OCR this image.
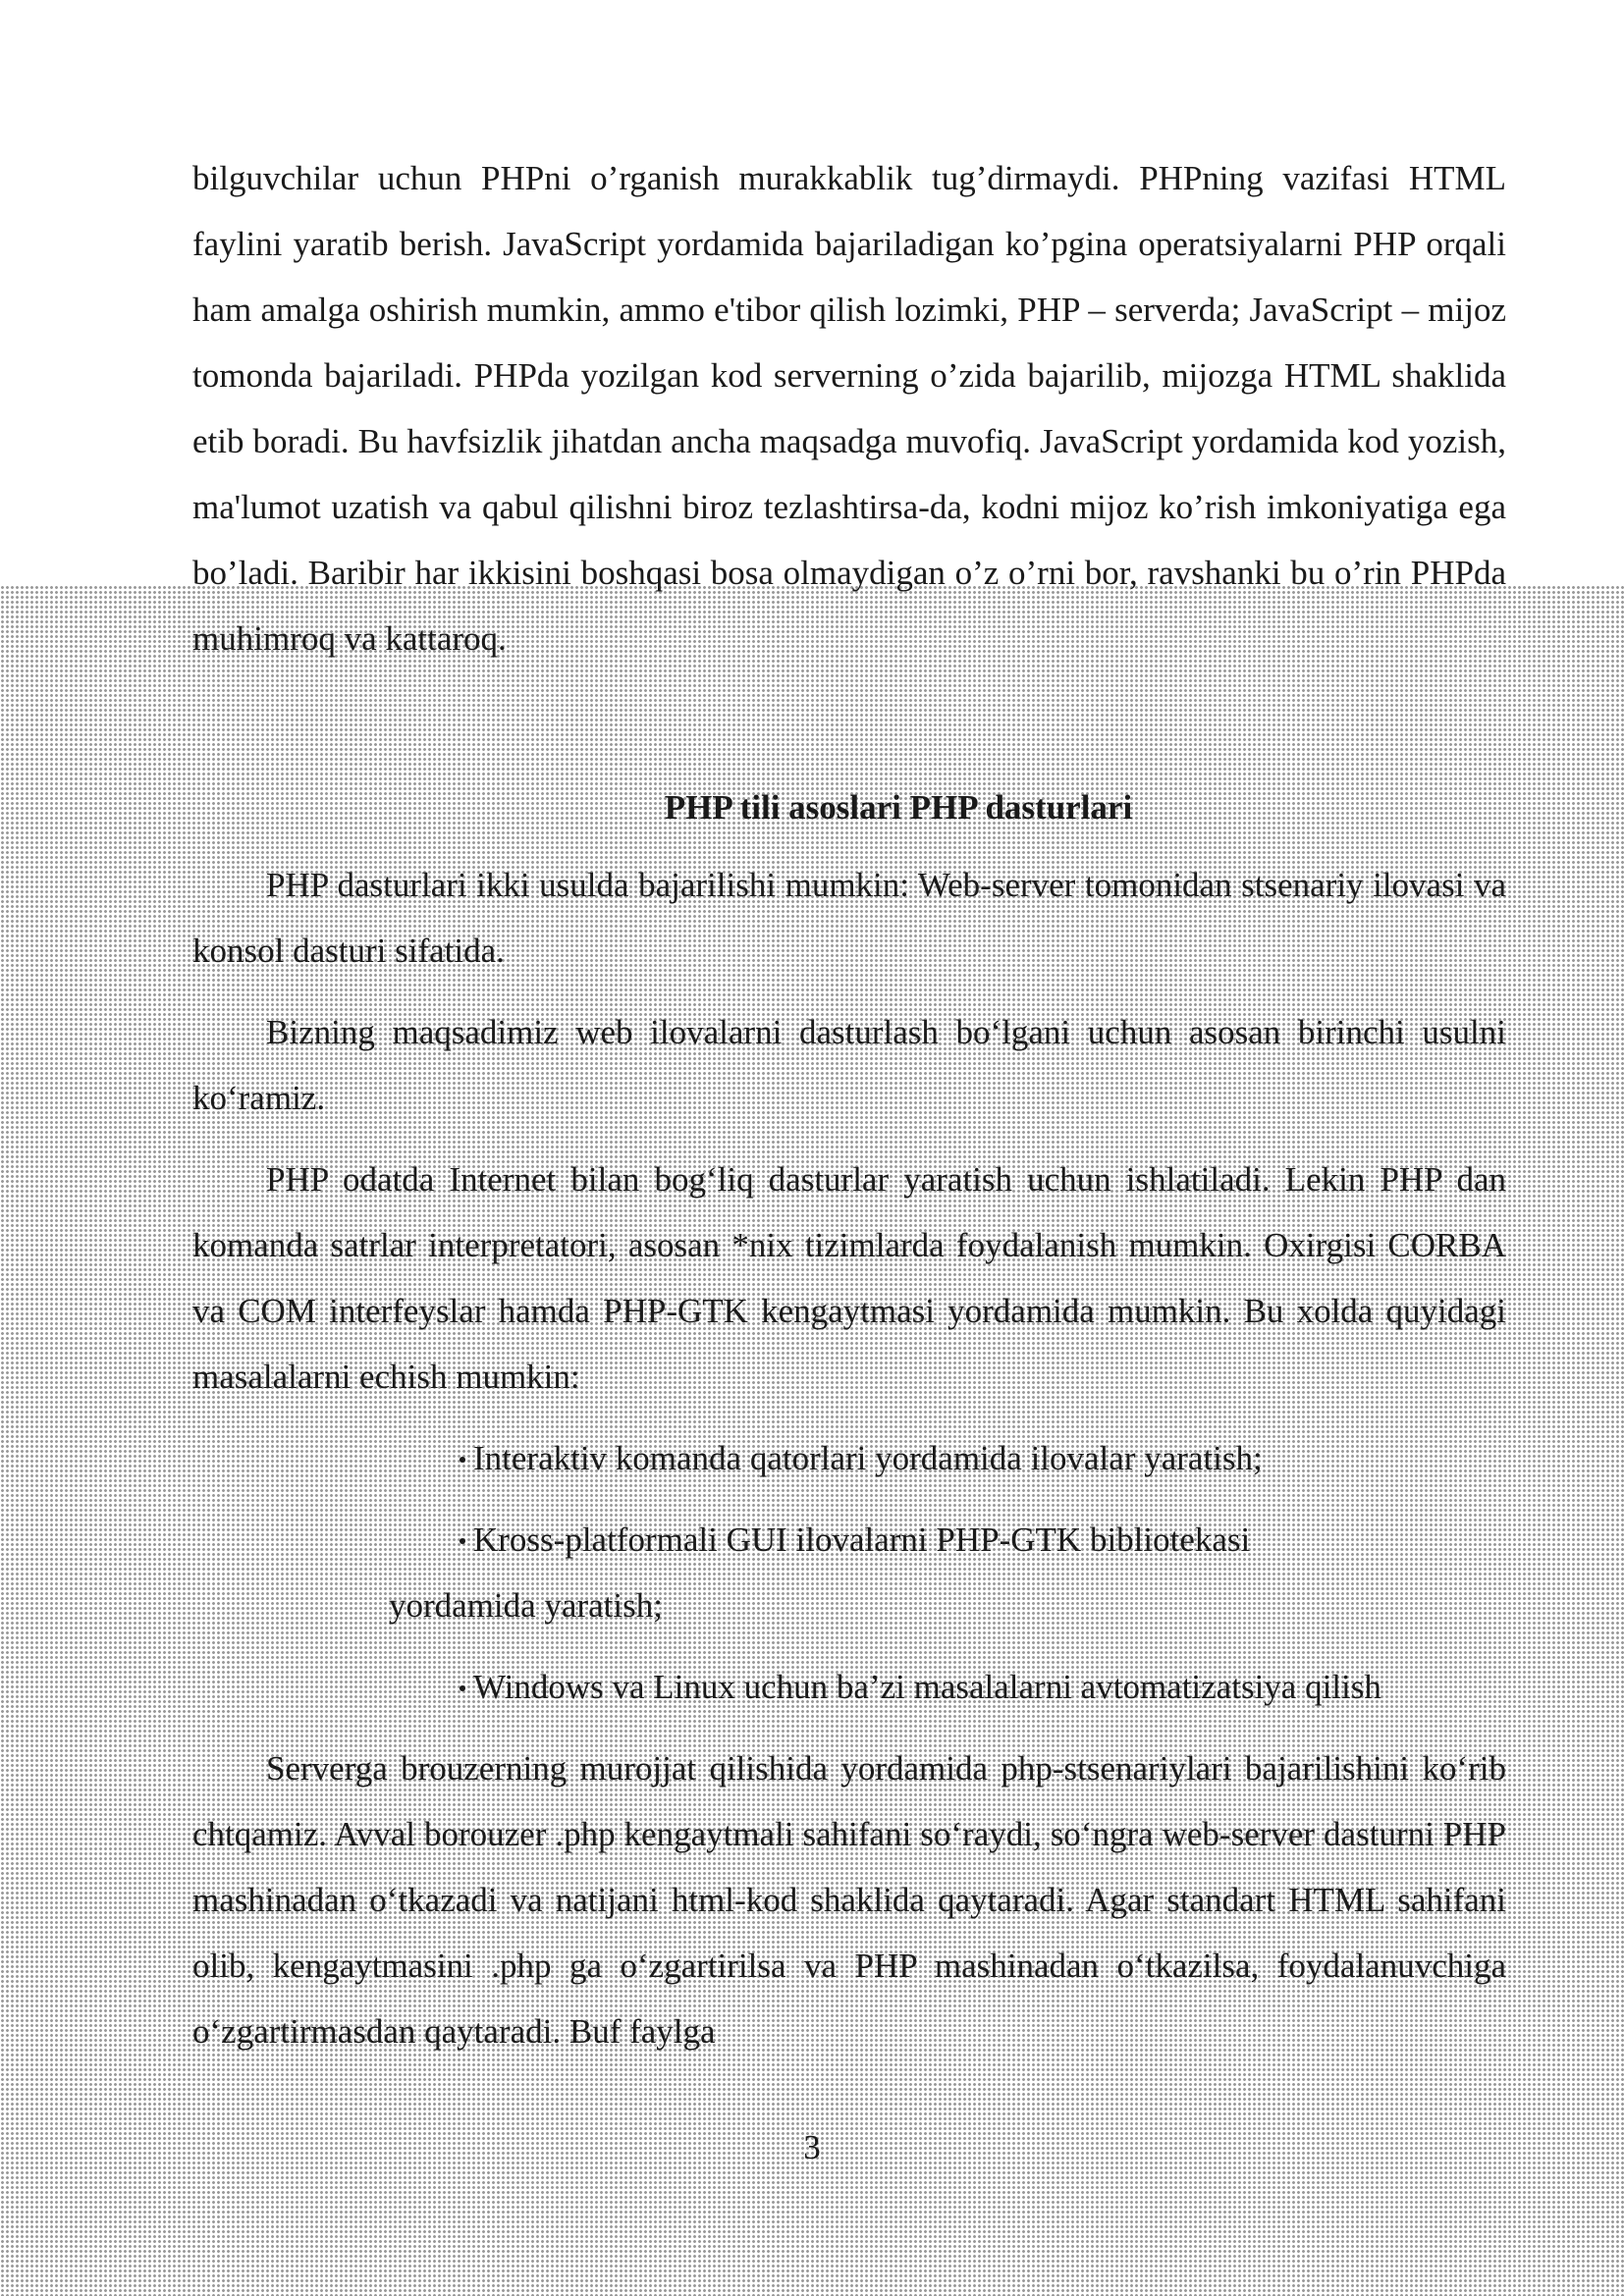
bilguvchilar uchun PHPni o’rganish murakkablik tug’dirmaydi. PHPning vazifasi HTML faylini yaratib berish. JavaScript yordamida bajariladigan ko’pgina operatsiyalarni PHP orqali ham amalga oshirish mumkin, ammo e'tibor qilish lozimki, PHP – serverda; JavaScript – mijoz tomonda bajariladi. PHPda yozilgan kod serverning o’zida bajarilib, mijozga HTML shaklida etib boradi. Bu havfsizlik jihatdan ancha maqsadga muvofiq. JavaScript yordamida kod yozish, ma'lumot uzatish va qabul qilishni biroz tezlashtirsa-da, kodni mijoz ko’rish imkoniyatiga ega bo’ladi. Baribir har ikkisini boshqasi bosa olmaydigan o’z o’rni bor, ravshanki bu o’rin PHPda muhimroq va kattaroq.

PHP tili asoslari PHP dasturlari

PHP dasturlari ikki usulda bajarilishi mumkin: Web-server tomonidan stsenariy ilovasi va konsol dasturi sifatida.

Bizning maqsadimiz web ilovalarni dasturlash bo‘lgani uchun asosan birinchi usulni ko‘ramiz.

PHP odatda Internet bilan bog‘liq dasturlar yaratish uchun ishlatiladi. Lekin PHP dan komanda satrlar interpretatori, asosan *nix tizimlarda foydalanish mumkin. Oxirgisi CORBA va COM interfeyslar hamda PHP-GTK kengaytmasi yordamida mumkin. Bu xolda quyidagi masalalarni echish mumkin:

Interaktiv komanda qatorlari yordamida ilovalar yaratish;
Kross-platformali GUI ilovalarni PHP-GTK bibliotekasi
yordamida yaratish;
Windows va Linux uchun ba’zi masalalarni avtomatizatsiya qilish

Serverga brouzerning murojjat qilishida yordamida php-stsenariylari bajarilishini ko‘rib chtqamiz. Avval borouzer .php kengaytmali sahifani so‘raydi, so‘ngra web-server dasturni PHP mashinadan o‘tkazadi va natijani html-kod shaklida qaytaradi. Agar standart HTML sahifani olib, kengaytmasini .php ga o‘zgartirilsa va PHP mashinadan o‘tkazilsa, foydalanuvchiga o‘zgartirmasdan qaytaradi. Buf faylga

3
